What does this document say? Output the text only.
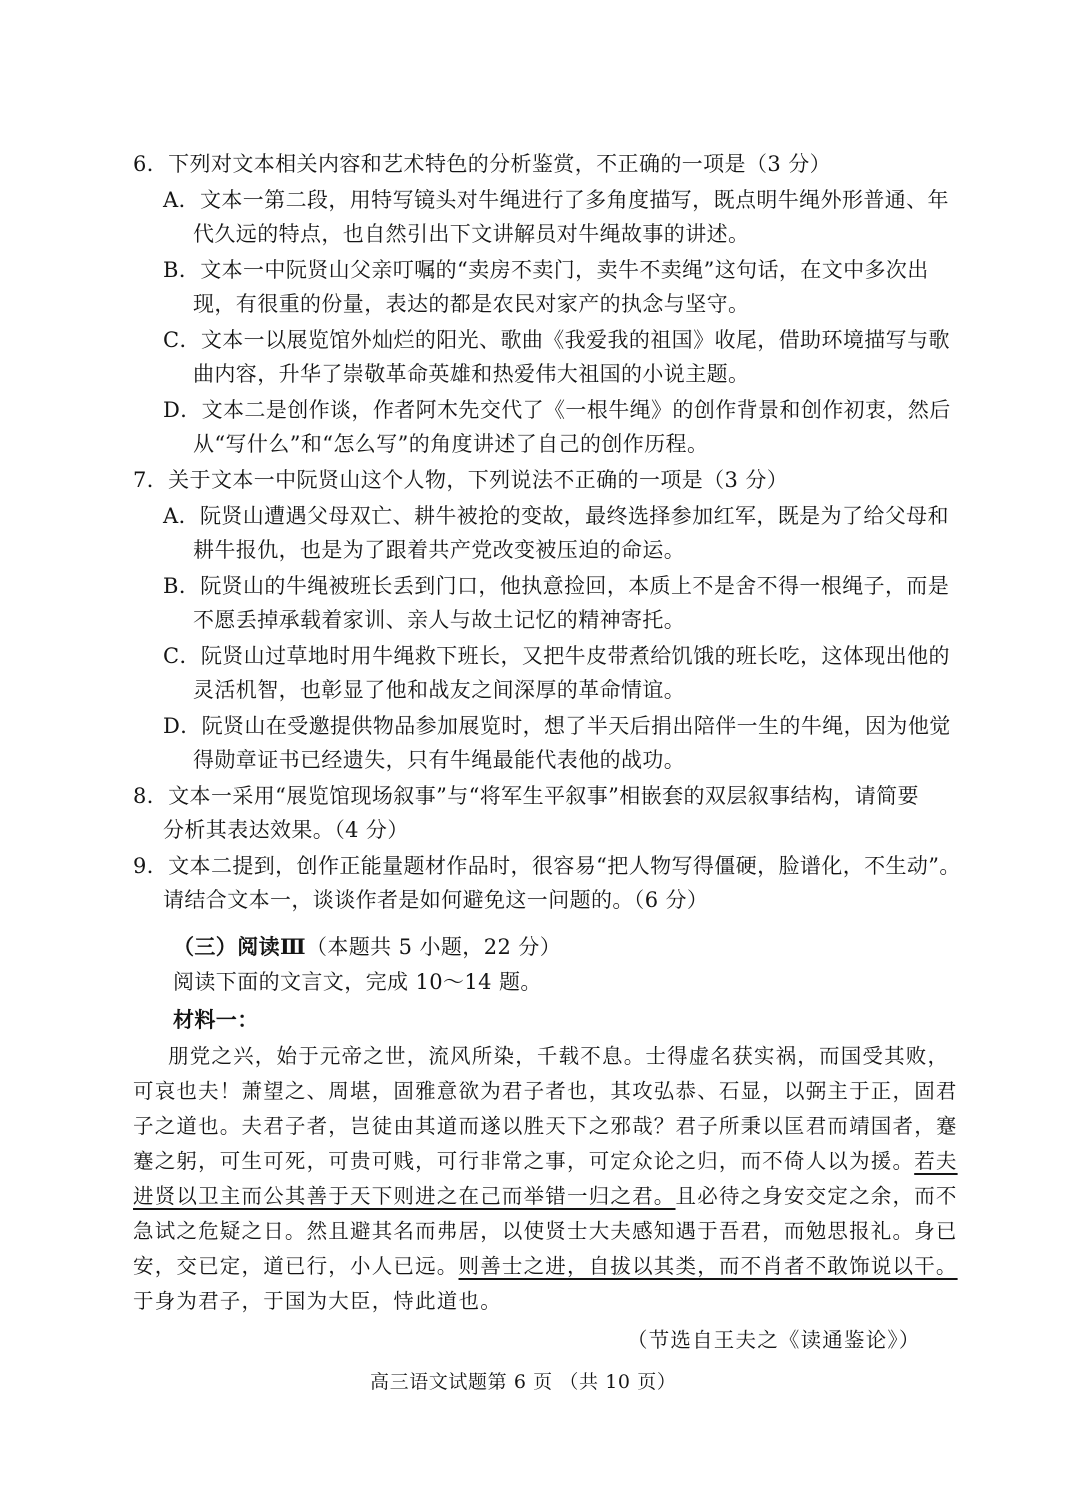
6．下列对文本相关内容和艺术特色的分析鉴赏，不正确的一项是（3 分）
A．文本一第二段，用特写镜头对牛绳进行了多角度描写，既点明牛绳外形普通、年
代久远的特点，也自然引出下文讲解员对牛绳故事的讲述。
B．文本一中阮贤山父亲叮嘱的“卖房不卖门，卖牛不卖绳”这句话，在文中多次出
现，有很重的份量，表达的都是农民对家产的执念与坚守。
C．文本一以展览馆外灿烂的阳光、歌曲《我爱我的祖国》收尾，借助环境描写与歌
曲内容，升华了崇敬革命英雄和热爱伟大祖国的小说主题。
D．文本二是创作谈，作者阿木先交代了《一根牛绳》的创作背景和创作初衷，然后
从“写什么”和“怎么写”的角度讲述了自己的创作历程。
7．关于文本一中阮贤山这个人物，下列说法不正确的一项是（3 分）
A．阮贤山遭遇父母双亡、耕牛被抢的变故，最终选择参加红军，既是为了给父母和
耕牛报仇，也是为了跟着共产党改变被压迫的命运。
B．阮贤山的牛绳被班长丢到门口，他执意捡回，本质上不是舍不得一根绳子，而是
不愿丢掉承载着家训、亲人与故土记忆的精神寄托。
C．阮贤山过草地时用牛绳救下班长，又把牛皮带煮给饥饿的班长吃，这体现出他的
灵活机智，也彰显了他和战友之间深厚的革命情谊。
D．阮贤山在受邀提供物品参加展览时，想了半天后捐出陪伴一生的牛绳，因为他觉
得勋章证书已经遗失，只有牛绳最能代表他的战功。
8．文本一采用“展览馆现场叙事”与“将军生平叙事”相嵌套的双层叙事结构，请简要
分析其表达效果。（4 分）
9．文本二提到，创作正能量题材作品时，很容易“把人物写得僵硬，脸谱化，不生动”。
请结合文本一，谈谈作者是如何避免这一问题的。（6 分）
（三）阅读Ⅲ（本题共 5 小题，22 分）
阅读下面的文言文，完成 10～14 题。
材料一：
朋党之兴，始于元帝之世，流风所染，千载不息。士得虚名获实祸，而国受其败，
可哀也夫！萧望之、周堪，固雅意欲为君子者也，其攻弘恭、石显，以弼主于正，固君
子之道也。夫君子者，岂徒由其道而遂以胜天下之邪哉？君子所秉以匡君而靖国者，蹇
蹇之躬，可生可死，可贵可贱，可行非常之事，可定众论之归，而不倚人以为援。若夫
进贤以卫主而公其善于天下则进之在己而举错一归之君。且必待之身安交定之余，而不
急试之危疑之日。然且避其名而弗居，以使贤士大夫感知遇于吾君，而勉思报礼。身已
安，交已定，道已行，小人已远。则善士之进，自拔以其类，而不肖者不敢饰说以干。
于身为君子，于国为大臣，恃此道也。
（节选自王夫之《读通鉴论》）
高三语文试题第 6 页 （共 10 页）
